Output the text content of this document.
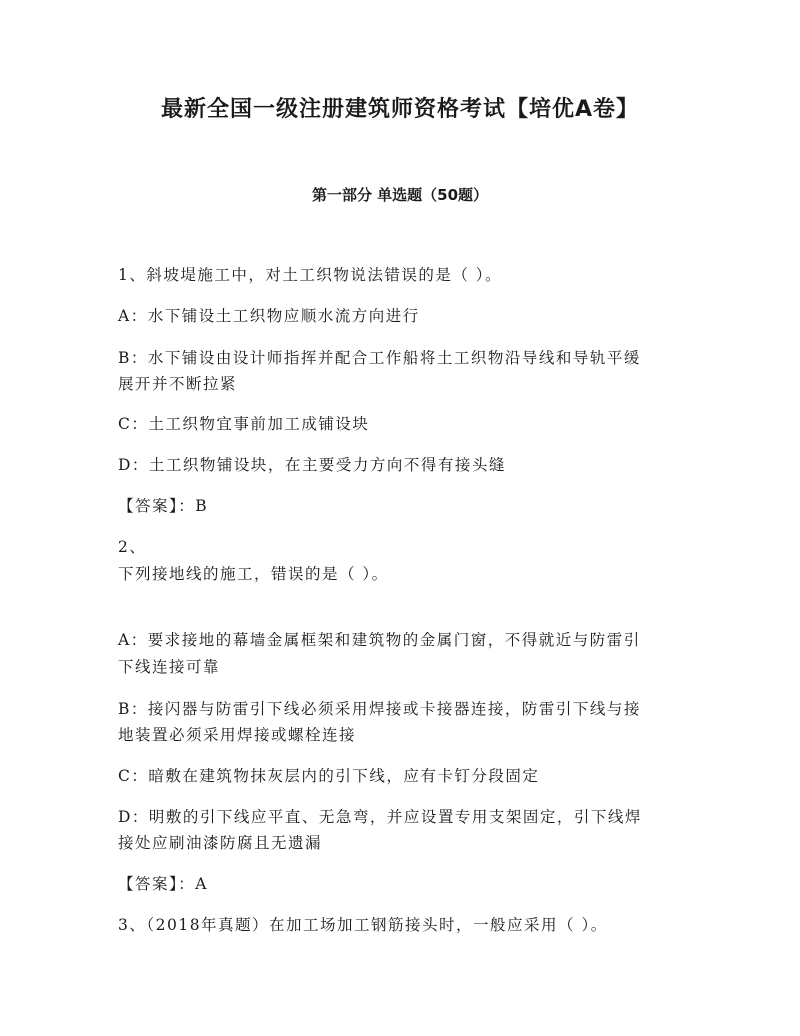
最新全国一级注册建筑师资格考试【培优A卷】
第一部分 单选题（50题）
1、斜坡堤施工中，对土工织物说法错误的是（ ）。
A：水下铺设土工织物应顺水流方向进行
B：水下铺设由设计师指挥并配合工作船将土工织物沿导线和导轨平缓
展开并不断拉紧
C：土工织物宜事前加工成铺设块
D：土工织物铺设块，在主要受力方向不得有接头缝
【答案】：B
2、
下列接地线的施工，错误的是（ ）。
A：要求接地的幕墙金属框架和建筑物的金属门窗，不得就近与防雷引
下线连接可靠
B：接闪器与防雷引下线必须采用焊接或卡接器连接，防雷引下线与接
地装置必须采用焊接或螺栓连接
C：暗敷在建筑物抹灰层内的引下线，应有卡钉分段固定
D：明敷的引下线应平直、无急弯，并应设置专用支架固定，引下线焊
接处应刷油漆防腐且无遗漏
【答案】：A
3、（2018年真题）在加工场加工钢筋接头时，一般应采用（ ）。
